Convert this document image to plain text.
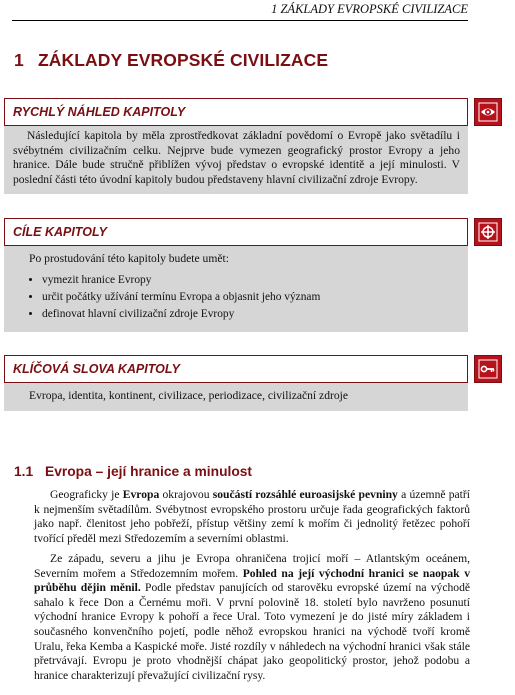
1 ZÁKLADY EVROPSKÉ CIVILIZACE
1 ZÁKLADY EVROPSKÉ CIVILIZACE
RYCHLÝ NÁHLED KAPITOLY

Následující kapitola by měla zprostředkovat základní povědomí o Evropě jako světadílu i svébytném civilizačním celku. Nejprve bude vymezen geografický prostor Evropy a jeho hranice. Dále bude stručně přiblížen vývoj představ o evropské identitě a její minulosti. V poslední části této úvodní kapitoly budou představeny hlavní civilizační zdroje Evropy.

CÍLE KAPITOLY
Po prostudování této kapitoly budete umět:
• vymezit hranice Evropy
• určit počátky užívání termínu Evropa a objasnit jeho význam
• definovat hlavní civilizační zdroje Evropy
KLÍČOVÁ SLOVA KAPITOLY
Evropa, identita, kontinent, civilizace, periodizace, civilizační zdroje
1.1 Evropa – její hranice a minulost

Geograficky je Evropa okrajovou součástí rozsáhlé euroasijské pevniny a územně patří k nejmenším světadílům. Svébytnost evropského prostoru určuje řada geografických faktorů jako např. členitost jeho pobřeží, přístup většiny zemí k mořím či jednolitý řetězec pohoří tvořící předěl mezi Středozemím a severními oblastmi.

Ze západu, severu a jihu je Evropa ohraničena trojicí moří – Atlantským oceánem, Severním mořem a Středozemním mořem. Pohled na její východní hranici se naopak v průběhu dějin měnil. Podle představ panujících od starověku evropské území na východě sahalo k řece Don a Černému moři. V první polovině 18. století bylo navrženo posunutí východní hranice Evropy k pohoří a řece Ural. Toto vymezení je do jisté míry základem i současného konvenčního pojetí, podle něhož evropskou hranici na východě tvoří kromě Uralu, řeka Kemba a Kaspické moře. Jisté rozdíly v náhledech na východní hranici však stále přetrvávají. Evropu je proto vhodnější chápat jako geopolitický prostor, jehož podobu a hranice charakterizují převažující civilizační rysy.
